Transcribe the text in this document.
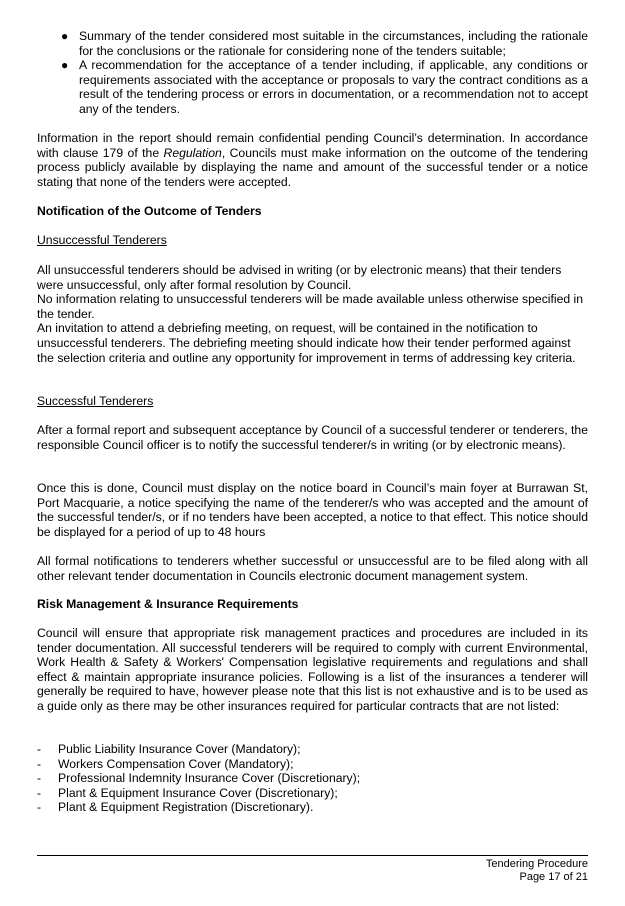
● Summary of the tender considered most suitable in the circumstances, including the rationale for the conclusions or the rationale for considering none of the tenders suitable;
● A recommendation for the acceptance of a tender including, if applicable, any conditions or requirements associated with the acceptance or proposals to vary the contract conditions as a result of the tendering process or errors in documentation, or a recommendation not to accept any of the tenders.

Information in the report should remain confidential pending Council’s determination. In accordance with clause 179 of the Regulation, Councils must make information on the outcome of the tendering process publicly available by displaying the name and amount of the successful tender or a notice stating that none of the tenders were accepted.

Notification of the Outcome of Tenders
Unsuccessful Tenderers

All unsuccessful tenderers should be advised in writing (or by electronic means) that their tenders were unsuccessful, only after formal resolution by Council.

No information relating to unsuccessful tenderers will be made available unless otherwise specified in the tender.

An invitation to attend a debriefing meeting, on request, will be contained in the notification to unsuccessful tenderers. The debriefing meeting should indicate how their tender performed against the selection criteria and outline any opportunity for improvement in terms of addressing key criteria.

Successful Tenderers
After a formal report and subsequent acceptance by Council of a successful tenderer or tenderers, the responsible Council officer is to notify the successful tenderer/s in writing (or by electronic means).
Once this is done, Council must display on the notice board in Council’s main foyer at Burrawan St, Port Macquarie, a notice specifying the name of the tenderer/s who was accepted and the amount of the successful tender/s, or if no tenders have been accepted, a notice to that effect. This notice should be displayed for a period of up to 48 hours
All formal notifications to tenderers whether successful or unsuccessful are to be filed along with all other relevant tender documentation in Councils electronic document management system.
Risk Management & Insurance Requirements
Council will ensure that appropriate risk management practices and procedures are included in its tender documentation. All successful tenderers will be required to comply with current Environmental, Work Health & Safety & Workers' Compensation legislative requirements and regulations and shall effect & maintain appropriate insurance policies. Following is a list of the insurances a tenderer will generally be required to have, however please note that this list is not exhaustive and is to be used as a guide only as there may be other insurances required for particular contracts that are not listed:
- Public Liability Insurance Cover (Mandatory);
- Workers Compensation Cover (Mandatory);
- Professional Indemnity Insurance Cover (Discretionary);
- Plant & Equipment Insurance Cover (Discretionary);
- Plant & Equipment Registration (Discretionary).
Tendering Procedure
Page 17 of 21
